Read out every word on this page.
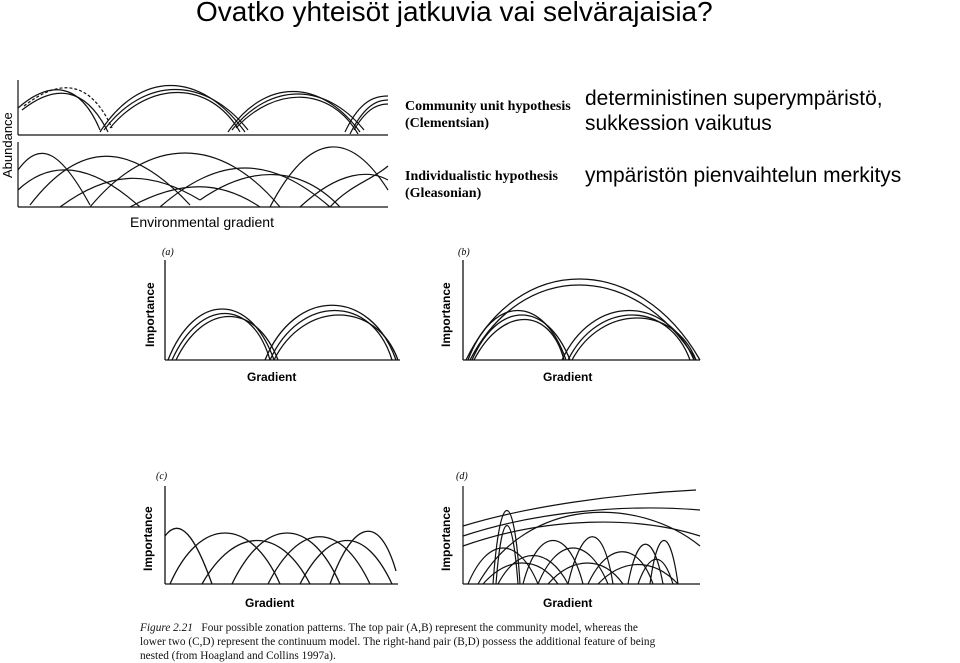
Ovatko yhteisöt jatkuvia vai selvärajaisia?
deterministinen superympäristö,
sukkession vaikutus
ympäristön pienvaihtelun merkitys
Abundance
Environmental gradient
Community unit hypothesis
(Clementsian)
Individualistic hypothesis
(Gleasonian)
(a)
Importance
Gradient
(b)
Importance
Gradient
(c)
Importance
Gradient
(d)
Importance
Gradient
Figure 2.21 Four possible zonation patterns. The top pair (A,B) represent the community model, whereas the
lower two (C,D) represent the continuum model. The right-hand pair (B,D) possess the additional feature of being
nested (from Hoagland and Collins 1997a).
